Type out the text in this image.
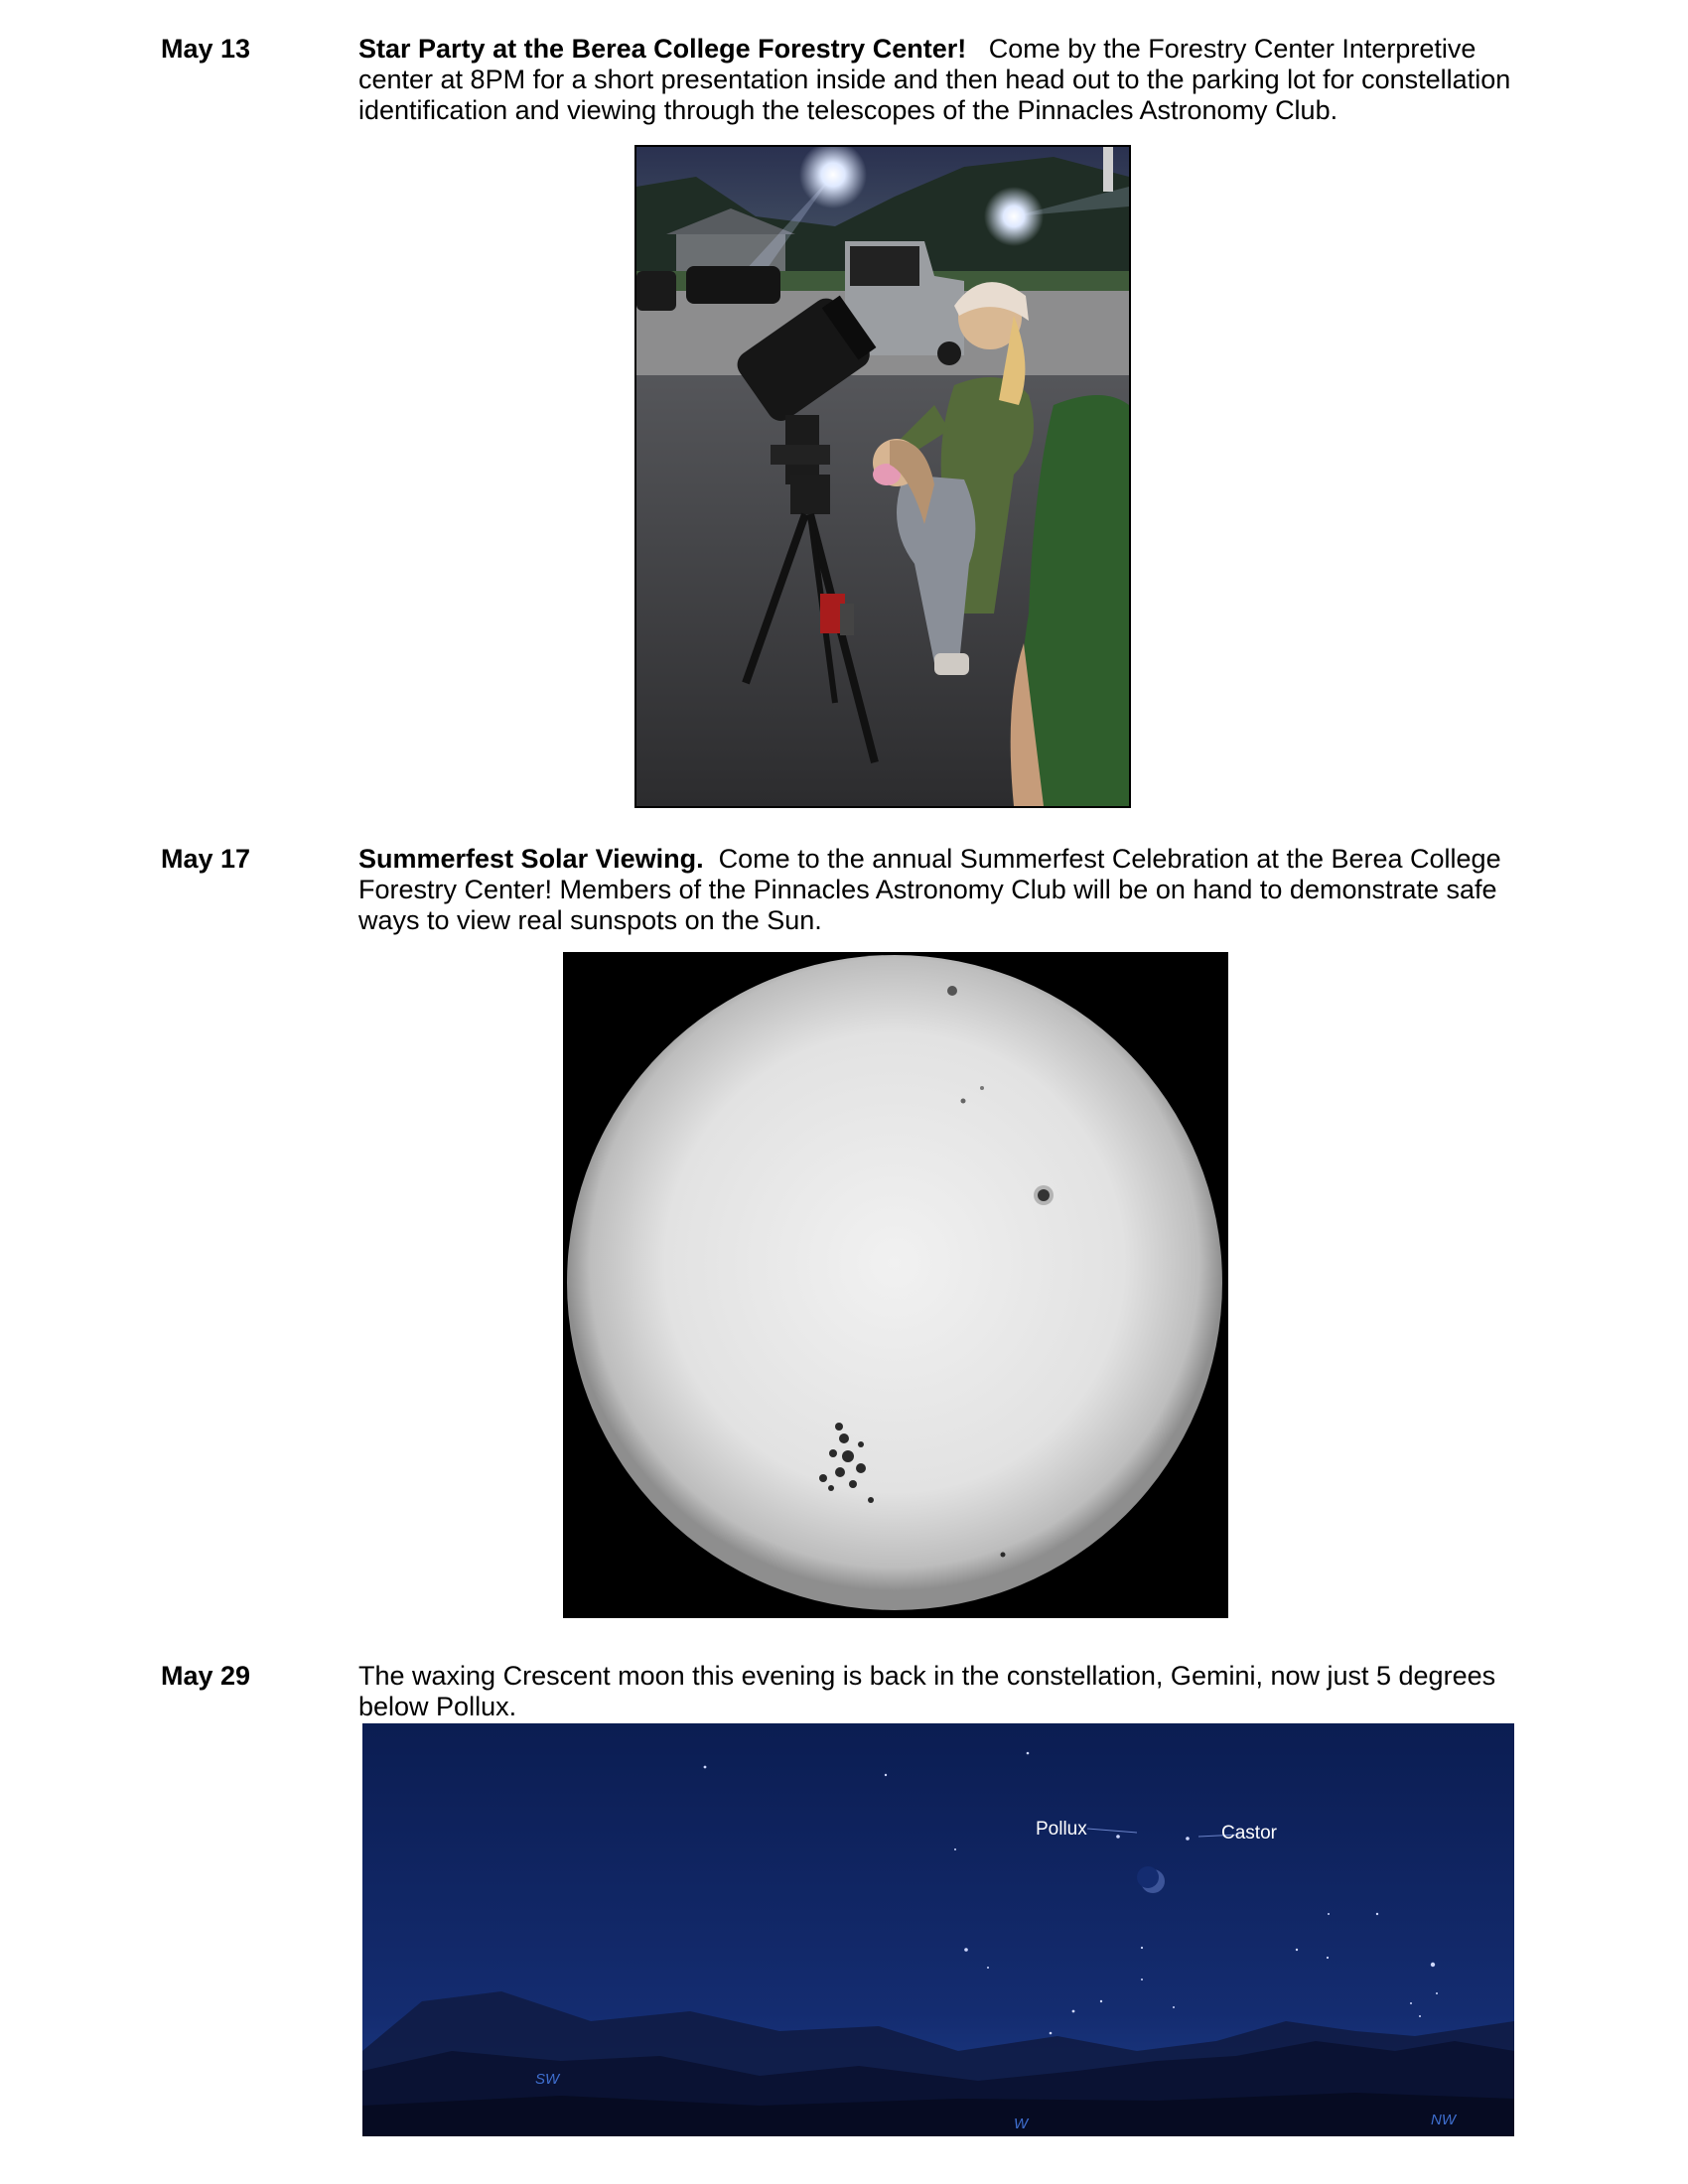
May 13	Star Party at the Berea College Forestry Center! Come by the Forestry Center Interpretive center at 8PM for a short presentation inside and then head out to the parking lot for constellation identification and viewing through the telescopes of the Pinnacles Astronomy Club.
May 17	Summerfest Solar Viewing. Come to the annual Summerfest Celebration at the Berea College Forestry Center! Members of the Pinnacles Astronomy Club will be on hand to demonstrate safe ways to view real sunspots on the Sun.
May 29	The waxing Crescent moon this evening is back in the constellation, Gemini, now just 5 degrees below Pollux.
Pollux	Castor
SW
W	NW
